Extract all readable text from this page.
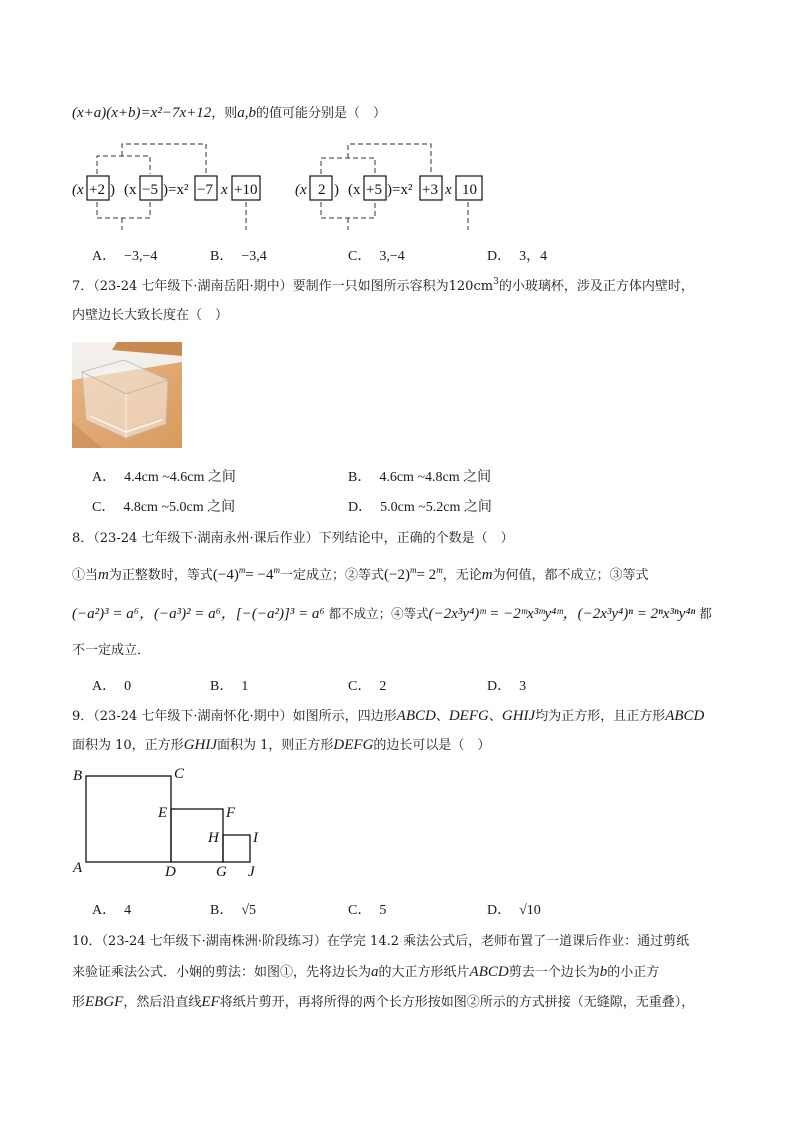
(x+a)(x+b)=x²−7x+12，则a,b的值可能分别是（　）
(x +2 ) (x −5 )=x² −7 x +10	(x 2 ) (x +5 )=x² +3 x 10
A． −3,−4	B． −3,4	C． 3,−4	D． 3，4
7．（23-24 七年级下·湖南岳阳·期中）要制作一只如图所示容积为$120cm^3$的小玻璃杯，涉及正方体内壁时，
内壁边长大致长度在（　）
A． 4.4cm ~4.6cm 之间	B． 4.6cm ~4.8cm 之间
C． 4.8cm ~5.0cm 之间	D． 5.0cm ~5.2cm 之间
8．（23-24 七年级下·湖南永州·课后作业）下列结论中，正确的个数是（　）
①当m为正整数时，等式$(-4)^m= -4^m$一定成立；②等式$(-2)^m= 2^m$，无论m为何值，都不成立；③等式
(−a²)³ = a⁶，(−a³)² = a⁶，[−(−a²)]³ = a⁶ 都不成立；④等式(−2x³y⁴)ᵐ = −2ᵐx³ᵐy⁴ᵐ，(−2x³y⁴)ⁿ = 2ⁿx³ⁿy⁴ⁿ 都
不一定成立．
A． 0	B． 1	C． 2	D． 3
9．（23-24 七年级下·湖南怀化·期中）如图所示，四边形ABCD、DEFG、GHIJ均为正方形，且正方形ABCD
面积为 10，正方形GHIJ面积为 1，则正方形DEFG的边长可以是（　）
B	C
E	F
H I
A	D	G J
A． 4	B． √5	C． 5	D． √10
10．（23-24 七年级下·湖南株洲·阶段练习）在学完 14.2 乘法公式后，老师布置了一道课后作业：通过剪纸
来验证乘法公式．小娴的剪法：如图①，先将边长为a的大正方形纸片ABCD剪去一个边长为b的小正方
形EBGF，然后沿直线EF将纸片剪开，再将所得的两个长方形按如图②所示的方式拼接（无缝隙，无重叠），
